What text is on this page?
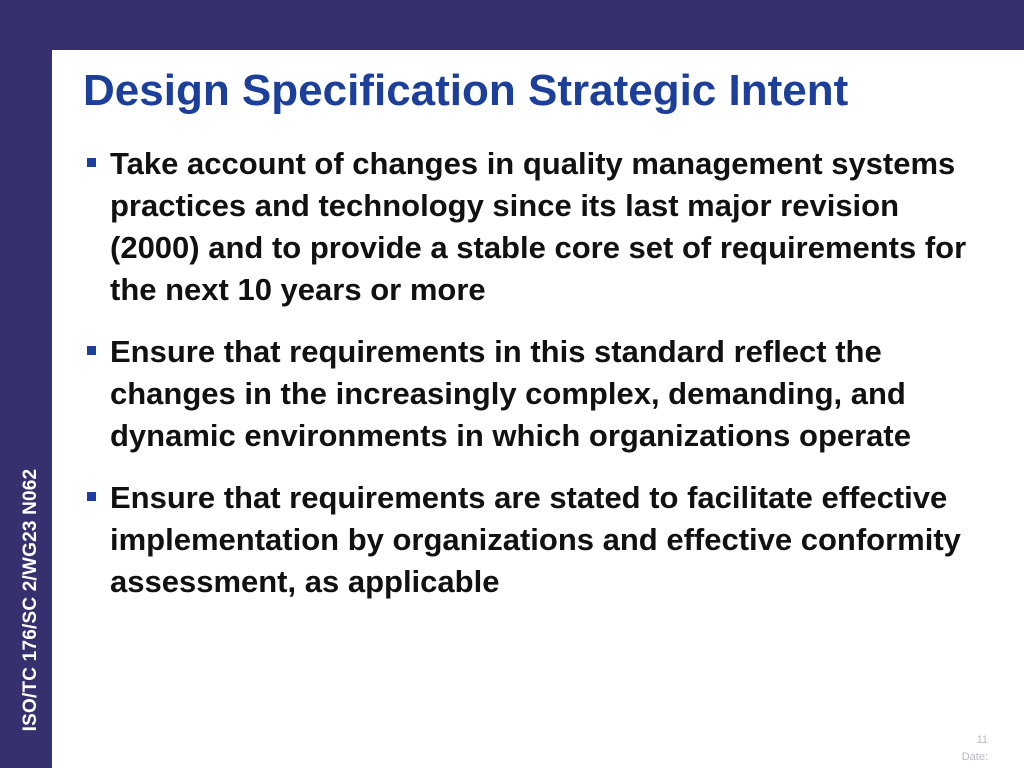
ISO/TC 176/SC 2/WG23 N062
Design Specification Strategic Intent
Take account of changes in quality management systems practices and technology since its last major revision (2000) and to provide a stable core set of requirements for the next 10 years or more
Ensure that requirements in this standard reflect the changes in the increasingly complex, demanding, and dynamic environments in which organizations operate
Ensure that requirements are stated to facilitate effective implementation by organizations and effective conformity assessment, as applicable
11
Date:
